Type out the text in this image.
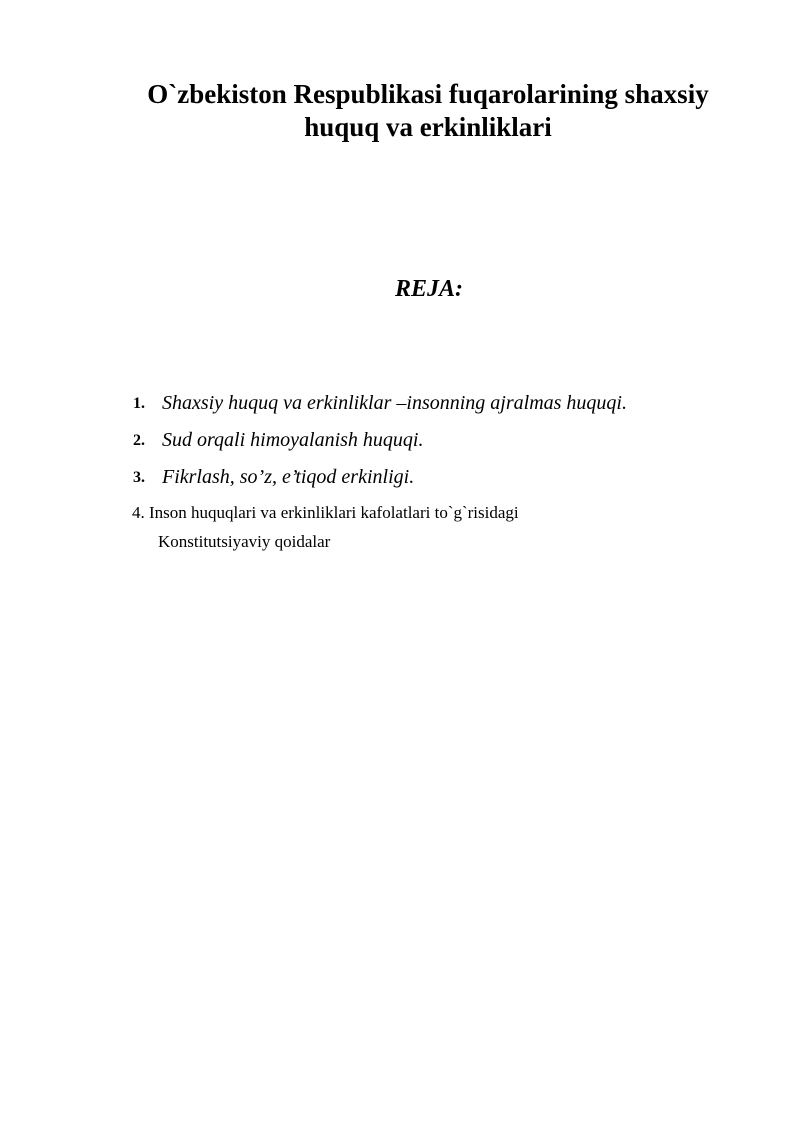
O`zbekiston Respublikasi fuqarolarining shaxsiy
huquq va erkinliklari
REJA:
1. Shaxsiy huquq va erkinliklar –insonning ajralmas huquqi.
2. Sud orqali himoyalanish huquqi.
3. Fikrlash, so’z, e’tiqod erkinligi.
4. Inson huquqlari va erkinliklari kafolatlari to`g`risidagi
Konstitutsiyaviy qoidalar
